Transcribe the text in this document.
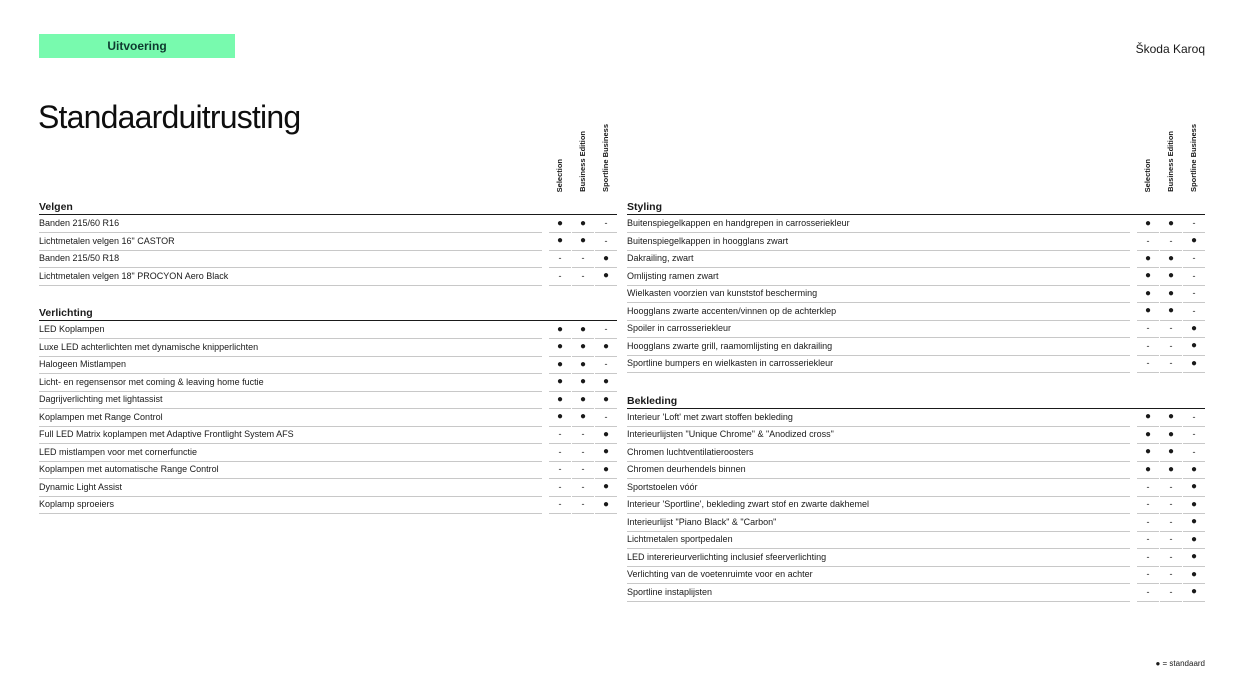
Uitvoering	Škoda Karoq
Standaarduitrusting
Selection Business Edition Sportline Business
Velgen
Banden 215/60 R16	●	●	-
Lichtmetalen velgen 16" CASTOR	●	●	-
Banden 215/50 R18	-	-	●
Lichtmetalen velgen 18" PROCYON Aero Black	-	-	●
Verlichting
LED Koplampen	●	●	-
Luxe LED achterlichten met dynamische knipperlichten	●	●	●
Halogeen Mistlampen	●	●	-
Licht- en regensensor met coming & leaving home fuctie	●	●	●
Dagrijverlichting met lightassist	●	●	●
Koplampen met Range Control	●	●	-
Full LED Matrix koplampen met Adaptive Frontlight System AFS	-	-	●
LED mistlampen voor met cornerfunctie	-	-	●
Koplampen met automatische Range Control	-	-	●
Dynamic Light Assist	-	-	●
Koplamp sproeiers	-	-	●
Selection Business Edition Sportline Business
Styling
Buitenspiegelkappen en handgrepen in carrosseriekleur	●	●	-
Buitenspiegelkappen in hoogglans zwart	-	-	●
Dakrailing, zwart	●	●	-
Omlijsting ramen zwart	●	●	-
Wielkasten voorzien van kunststof bescherming	●	●	-
Hoogglans zwarte accenten/vinnen op de achterklep	●	●	-
Spoiler in carrosseriekleur	-	-	●
Hoogglans zwarte grill, raamomlijsting en dakrailing	-	-	●
Sportline bumpers en wielkasten in carrosseriekleur	-	-	●
Bekleding
Interieur 'Loft' met zwart stoffen bekleding	●	●	-
Interieurlijsten "Unique Chrome" & "Anodized cross"	●	●	-
Chromen luchtventilatieroosters	●	●	-
Chromen deurhendels binnen	●	●	●
Sportstoelen vóór	-	-	●
Interieur 'Sportline', bekleding zwart stof en zwarte dakhemel	-	-	●
Interieurlijst "Piano Black" & "Carbon"	-	-	●
Lichtmetalen sportpedalen	-	-	●
LED intererieurverlichting inclusief sfeerverlichting	-	-	●
Verlichting van de voetenruimte voor en achter	-	-	●
Sportline instaplijsten	-	-	●
● = standaard
